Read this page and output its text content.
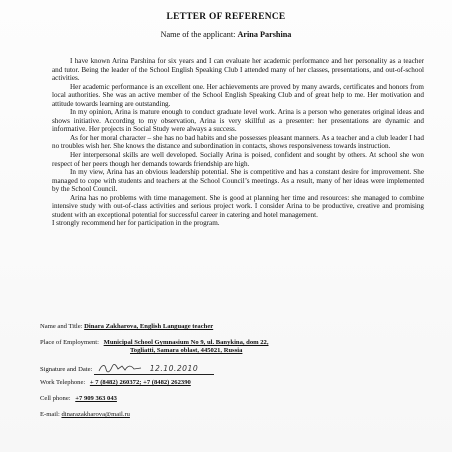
LETTER OF REFERENCE
Name of the applicant: Arina Parshina

I have known Arina Parshina for six years and I can evaluate her academic performance and her personality as a teacher and tutor. Being the leader of the School English Speaking Club I attended many of her classes, presentations, and out-of-school activities.

Her academic performance is an excellent one. Her achievements are proved by many awards, certificates and honors from local authorities. She was an active member of the School English Speaking Club and of great help to me. Her motivation and attitude towards learning are outstanding.

In my opinion, Arina is mature enough to conduct graduate level work. Arina is a person who generates original ideas and shows initiative. According to my observation, Arina is very skillful as a presenter: her presentations are dynamic and informative. Her projects in Social Study were always a success.

As for her moral character – she has no bad habits and she possesses pleasant manners. As a teacher and a club leader I had no troubles wish her. She knows the distance and subordination in contacts, shows responsiveness towards instruction.

Her interpersonal skills are well developed. Socially Arina is poised, confident and sought by others. At school she won respect of her peers though her demands towards friendship are high.

In my view, Arina has an obvious leadership potential. She is competitive and has a constant desire for improvement. She managed to cope with students and teachers at the School Council’s meetings. As a result, many of her ideas were implemented by the School Council.

Arina has no problems with time management. She is good at planning her time and resources: she managed to combine intensive study with out-of-class activities and serious project work. I consider Arina to be productive, creative and promising student with an exceptional potential for successful career in catering and hotel management.

I strongly recommend her for participation in the program.

Name and Title: Dinara Zakharova, English Language teacher
Place of Employment: Municipal School Gymnasium No 9, ul. Banykina, dom 22,
Togliatti, Samara oblast, 445021, Russia
Signature and Date:	12.10.2010
Work Telephone: + 7 (8482) 260372; +7 (8482) 262390
Cell phone: +7 909 363 043
E-mail: dinarazakharova@mail.ru
